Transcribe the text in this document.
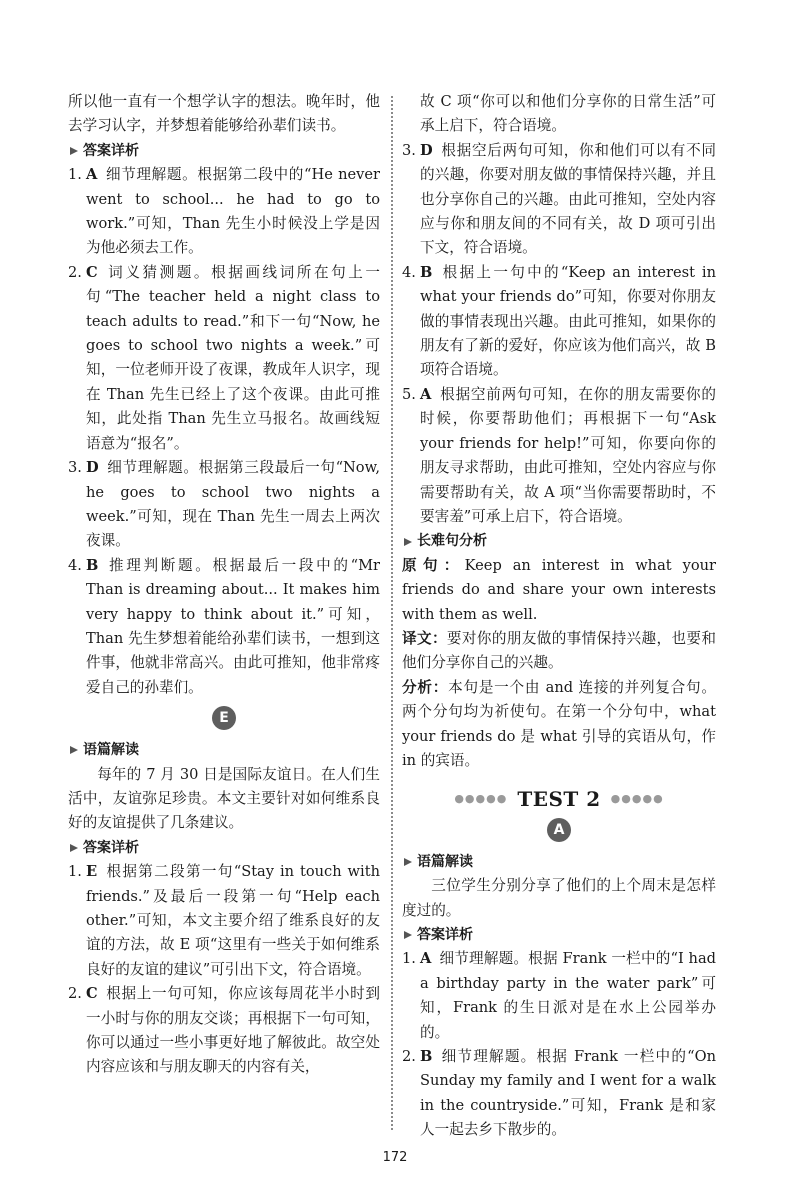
所以他一直有一个想学认字的想法。晚年时，他去学习认字，并梦想着能够给孙辈们读书。

答案详析
1. A 细节理解题。根据第二段中的“He never went to school... he had to go to work.”可知，Than 先生小时候没上学是因为他必须去工作。
2. C 词义猜测题。根据画线词所在句上一句“The teacher held a night class to teach adults to read.”和下一句“Now, he goes to school two nights a week.”可知，一位老师开设了夜课，教成年人识字，现在 Than 先生已经上了这个夜课。由此可推知，此处指 Than 先生立马报名。故画线短语意为“报名”。
3. D 细节理解题。根据第三段最后一句“Now, he goes to school two nights a week.”可知，现在 Than 先生一周去上两次夜课。
4. B 推理判断题。根据最后一段中的“Mr Than is dreaming about... It makes him very happy to think about it.”可知，Than 先生梦想着能给孙辈们读书，一想到这件事，他就非常高兴。由此可推知，他非常疼爱自己的孙辈们。
E
语篇解读

每年的 7 月 30 日是国际友谊日。在人们生活中，友谊弥足珍贵。本文主要针对如何维系良好的友谊提供了几条建议。

答案详析
1. E 根据第二段第一句“Stay in touch with friends.”及最后一段第一句“Help each other.”可知，本文主要介绍了维系良好的友谊的方法，故 E 项“这里有一些关于如何维系良好的友谊的建议”可引出下文，符合语境。
2. C 根据上一句可知，你应该每周花半小时到一小时与你的朋友交谈；再根据下一句可知，你可以通过一些小事更好地了解彼此。故空处内容应该和与朋友聊天的内容有关，

故 C 项“你可以和他们分享你的日常生活”可承上启下，符合语境。

3. D 根据空后两句可知，你和他们可以有不同的兴趣，你要对朋友做的事情保持兴趣，并且也分享你自己的兴趣。由此可推知，空处内容应与你和朋友间的不同有关，故 D 项可引出下文，符合语境。
4. B 根据上一句中的“Keep an interest in what your friends do”可知，你要对你朋友做的事情表现出兴趣。由此可推知，如果你的朋友有了新的爱好，你应该为他们高兴，故 B 项符合语境。
5. A 根据空前两句可知，在你的朋友需要你的时候，你要帮助他们；再根据下一句“Ask your friends for help!”可知，你要向你的朋友寻求帮助，由此可推知，空处内容应与你需要帮助有关，故 A 项“当你需要帮助时，不要害羞”可承上启下，符合语境。
长难句分析

原句：Keep an interest in what your friends do and share your own interests with them as well.

译文：要对你的朋友做的事情保持兴趣，也要和他们分享你自己的兴趣。

分析：本句是一个由 and 连接的并列复合句。两个分句均为祈使句。在第一个分句中，what your friends do 是 what 引导的宾语从句，作 in 的宾语。

●●●●● TEST 2 ●●●●●
A
语篇解读

三位学生分别分享了他们的上个周末是怎样度过的。

答案详析
1. A 细节理解题。根据 Frank 一栏中的“I had a birthday party in the water park”可知，Frank 的生日派对是在水上公园举办的。
2. B 细节理解题。根据 Frank 一栏中的“On Sunday my family and I went for a walk in the countryside.”可知，Frank 是和家人一起去乡下散步的。
172
